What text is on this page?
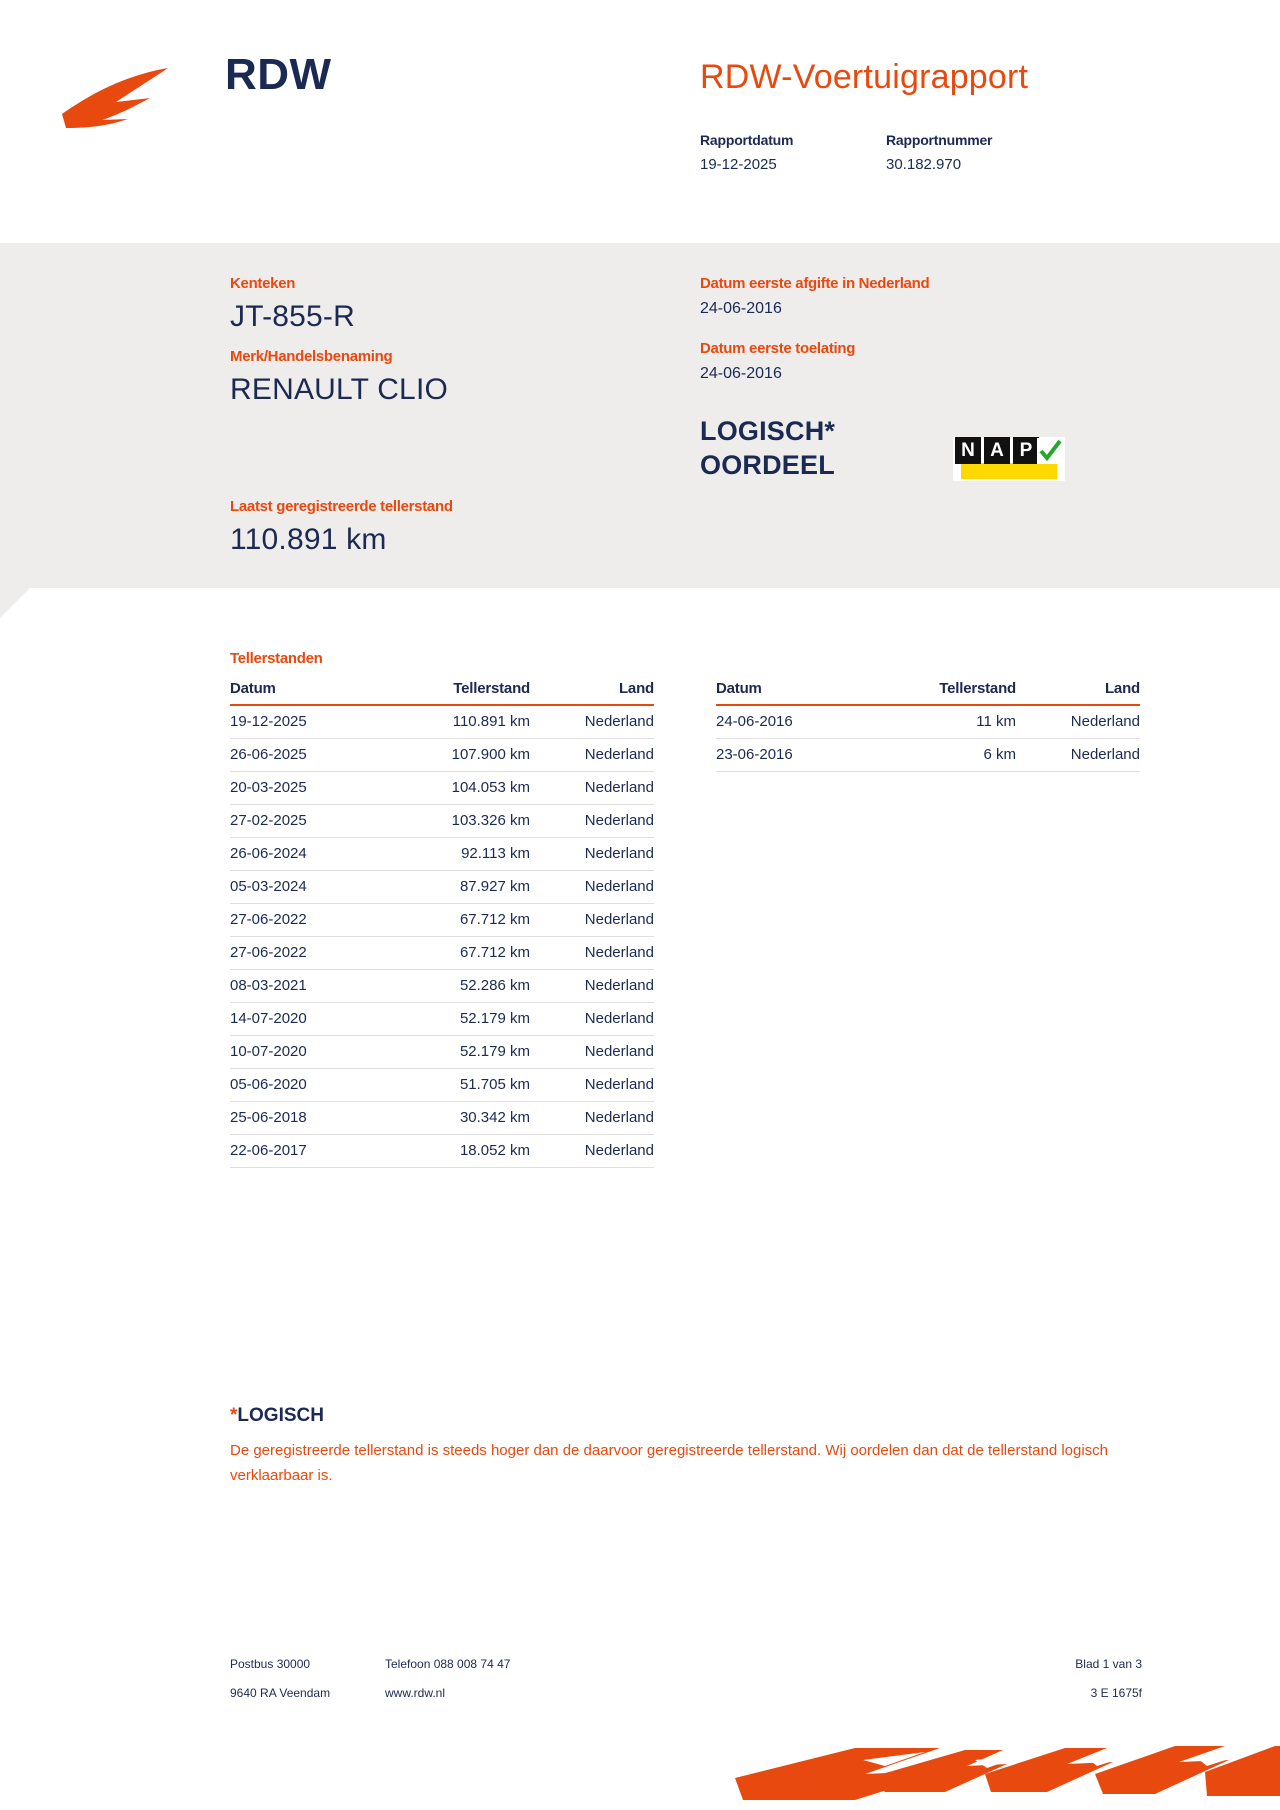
RDW	RDW-Voertuigrapport
Rapportdatum
19-12-2025
Rapportnummer
30.182.970
Kenteken
JT-855-R
Merk/Handelsbenaming
RENAULT CLIO
Datum eerste afgifte in Nederland
24-06-2016
Datum eerste toelating
24-06-2016
Laatst geregistreerde tellerstand
110.891 km
LOGISCH*
OORDEEL	N A P
Tellerstanden
Datum	Tellerstand	Land
19-12-2025	110.891 km	Nederland
26-06-2025	107.900 km	Nederland
20-03-2025	104.053 km	Nederland
27-02-2025	103.326 km	Nederland
26-06-2024	92.113 km	Nederland
05-03-2024	87.927 km	Nederland
27-06-2022	67.712 km	Nederland
27-06-2022	67.712 km	Nederland
08-03-2021	52.286 km	Nederland
14-07-2020	52.179 km	Nederland
10-07-2020	52.179 km	Nederland
05-06-2020	51.705 km	Nederland
25-06-2018	30.342 km	Nederland
22-06-2017	18.052 km	Nederland
Datum	Tellerstand	Land
24-06-2016	11 km	Nederland
23-06-2016	6 km	Nederland
*LOGISCH
De geregistreerde tellerstand is steeds hoger dan de daarvoor geregistreerde tellerstand. Wij oordelen dan dat de tellerstand logisch verklaarbaar is.
Postbus 30000
9640 RA Veendam
Telefoon 088 008 74 47
www.rdw.nl
Blad 1 van 3
3 E 1675f
